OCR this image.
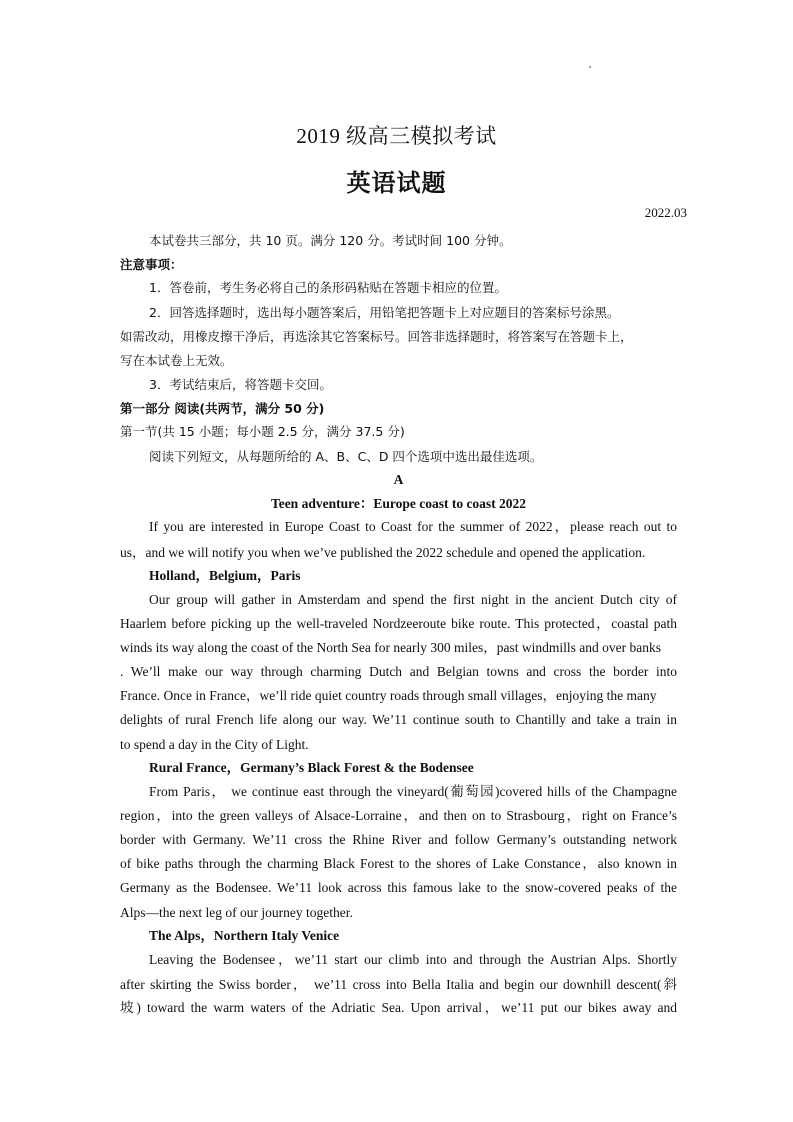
2019 级高三模拟考试
英语试题
2022.03
本试卷共三部分，共 10 页。满分 120 分。考试时间 100 分钟。
注意事项：
1．答卷前，考生务必将自己的条形码粘贴在答题卡相应的位置。
2．回答选择题时，选出每小题答案后，用铅笔把答题卡上对应题目的答案标号涂黑。
如需改动，用橡皮擦干净后，再选涂其它答案标号。回答非选择题时，将答案写在答题卡上，
写在本试卷上无效。
3．考试结束后，将答题卡交回。
第一部分 阅读(共两节，满分 50 分)
第一节(共 15 小题；每小题 2.5 分，满分 37.5 分)
阅读下列短文，从每题所给的 A、B、C、D 四个选项中选出最佳选项。
A
Teen adventure：Europe coast to coast 2022
If you are interested in Europe Coast to Coast for the summer of 2022，please reach out to
us，and we will notify you when we’ve published the 2022 schedule and opened the application.
Holland，Belgium，Paris
Our group will gather in Amsterdam and spend the first night in the ancient Dutch city of
Haarlem before picking up the well-traveled Nordzeeroute bike route. This protected，coastal path
winds its way along the coast of the North Sea for nearly 300 miles，past windmills and over banks
. We’ll make our way through charming Dutch and Belgian towns and cross the border into
France. Once in France，we’ll ride quiet country roads through small villages，enjoying the many
delights of rural French life along our way. We’11 continue south to Chantilly and take a train in
to spend a day in the City of Light.
Rural France，Germany’s Black Forest & the Bodensee
From Paris， we continue east through the vineyard(葡萄园)covered hills of the Champagne
region，into the green valleys of Alsace-Lorraine，and then on to Strasbourg，right on France’s
border with Germany. We’11 cross the Rhine River and follow Germany’s outstanding network
of bike paths through the charming Black Forest to the shores of Lake Constance，also known in
Germany as the Bodensee. We’11 look across this famous lake to the snow-covered peaks of the
Alps—the next leg of our journey together.
The Alps，Northern Italy Venice
Leaving the Bodensee，we’11 start our climb into and through the Austrian Alps. Shortly
after skirting the Swiss border， we’11 cross into Bella Italia and begin our downhill descent(斜
坡) toward the warm waters of the Adriatic Sea. Upon arrival，we’11 put our bikes away and
